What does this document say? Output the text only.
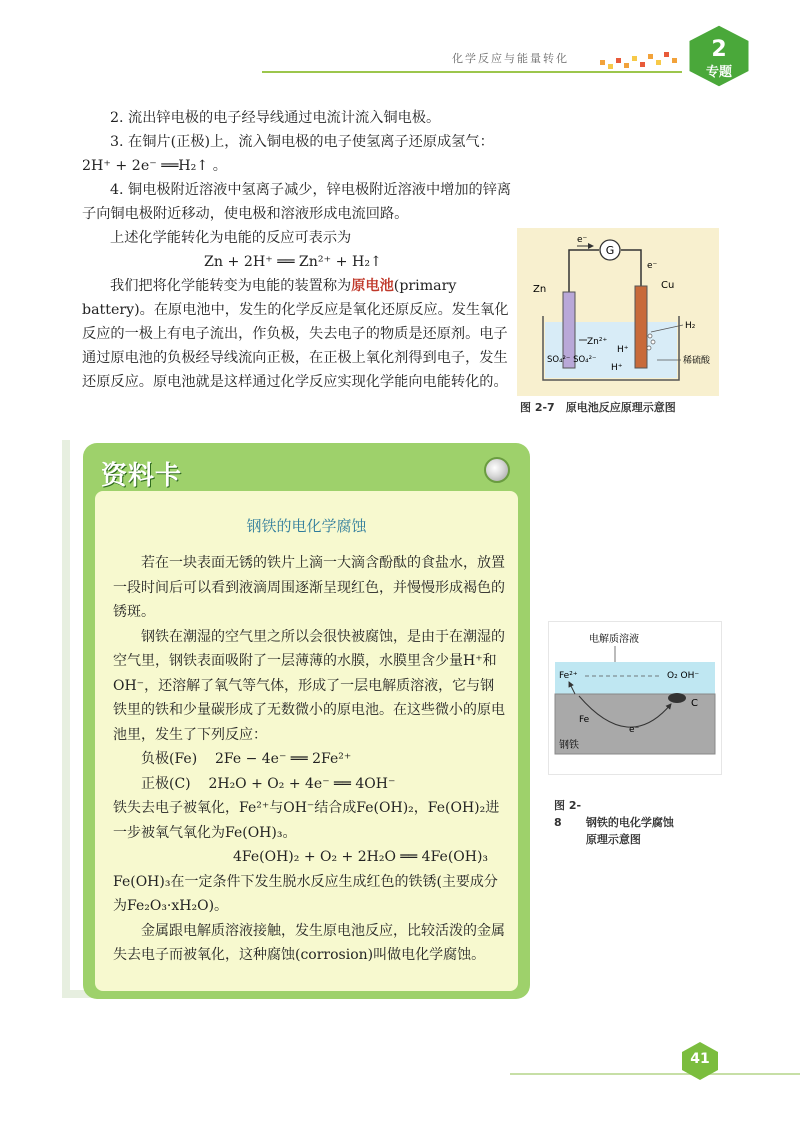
化学反应与能量转化	2
专题

2. 流出锌电极的电子经导线通过电流计流入铜电极。

3. 在铜片(正极)上，流入铜电极的电子使氢离子还原成氢气：

2H⁺ + 2e⁻ ══H₂↑ 。

4. 铜电极附近溶液中氢离子减少，锌电极附近溶液中增加的锌离子向铜电极附近移动，使电极和溶液形成电流回路。

上述化学能转化为电能的反应可表示为

Zn + 2H⁺ ══ Zn²⁺ + H₂↑

我们把将化学能转变为电能的装置称为原电池(primary battery)。在原电池中，发生的化学反应是氧化还原反应。发生氧化反应的一极上有电子流出，作负极，失去电子的物质是还原剂。电子通过原电池的负极经导线流向正极，在正极上氧化剂得到电子，发生还原反应。原电池就是这样通过化学反应实现化学能向电能转化的。

G
e⁻
e⁻
Zn	Cu
H₂
Zn²⁺
H⁺
H⁺
SO₄²⁻ SO₄²⁻	稀硫酸
图 2-7　原电池反应原理示意图
资料卡
钢铁的电化学腐蚀

若在一块表面无锈的铁片上滴一大滴含酚酞的食盐水，放置一段时间后可以看到液滴周围逐渐呈现红色，并慢慢形成褐色的锈斑。

钢铁在潮湿的空气里之所以会很快被腐蚀，是由于在潮湿的空气里，钢铁表面吸附了一层薄薄的水膜，水膜里含少量H⁺和OH⁻，还溶解了氧气等气体，形成了一层电解质溶液，它与钢铁里的铁和少量碳形成了无数微小的原电池。在这些微小的原电池里，发生了下列反应：

负极(Fe) 2Fe − 4e⁻ ══ 2Fe²⁺

正极(C) 2H₂O + O₂ + 4e⁻ ══ 4OH⁻

铁失去电子被氧化，Fe²⁺与OH⁻结合成Fe(OH)₂，Fe(OH)₂进一步被氧气氧化为Fe(OH)₃。

4Fe(OH)₂ + O₂ + 2H₂O ══ 4Fe(OH)₃

Fe(OH)₃在一定条件下发生脱水反应生成红色的铁锈(主要成分为Fe₂O₃·xH₂O)。

金属跟电解质溶液接触，发生原电池反应，比较活泼的金属失去电子而被氧化，这种腐蚀(corrosion)叫做电化学腐蚀。

电解质溶液
Fe²⁺	O₂ OH⁻
C
Fe
e⁻
钢铁
图 2-8 钢铁的电化学腐蚀
原理示意图
41
